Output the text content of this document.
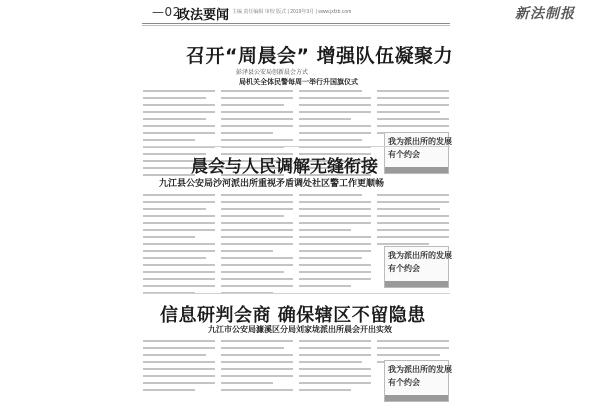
—02
政法要闻 主编 责任编辑 审校 版式 | 2019年3月 | www.jxfzb.com	新法制报
召开“周晨会” 增强队伍凝聚力
彭泽县公安局创新晨会方式
局机关全体民警每周一举行升国旗仪式
我为派出所的发展
有个约会
晨会与人民调解无缝衔接
九江县公安局沙河派出所重视矛盾调处社区警工作更顺畅
我为派出所的发展
有个约会
信息研判会商 确保辖区不留隐患
九江市公安局濂溪区分局刘家垅派出所晨会开出实效
我为派出所的发展
有个约会
